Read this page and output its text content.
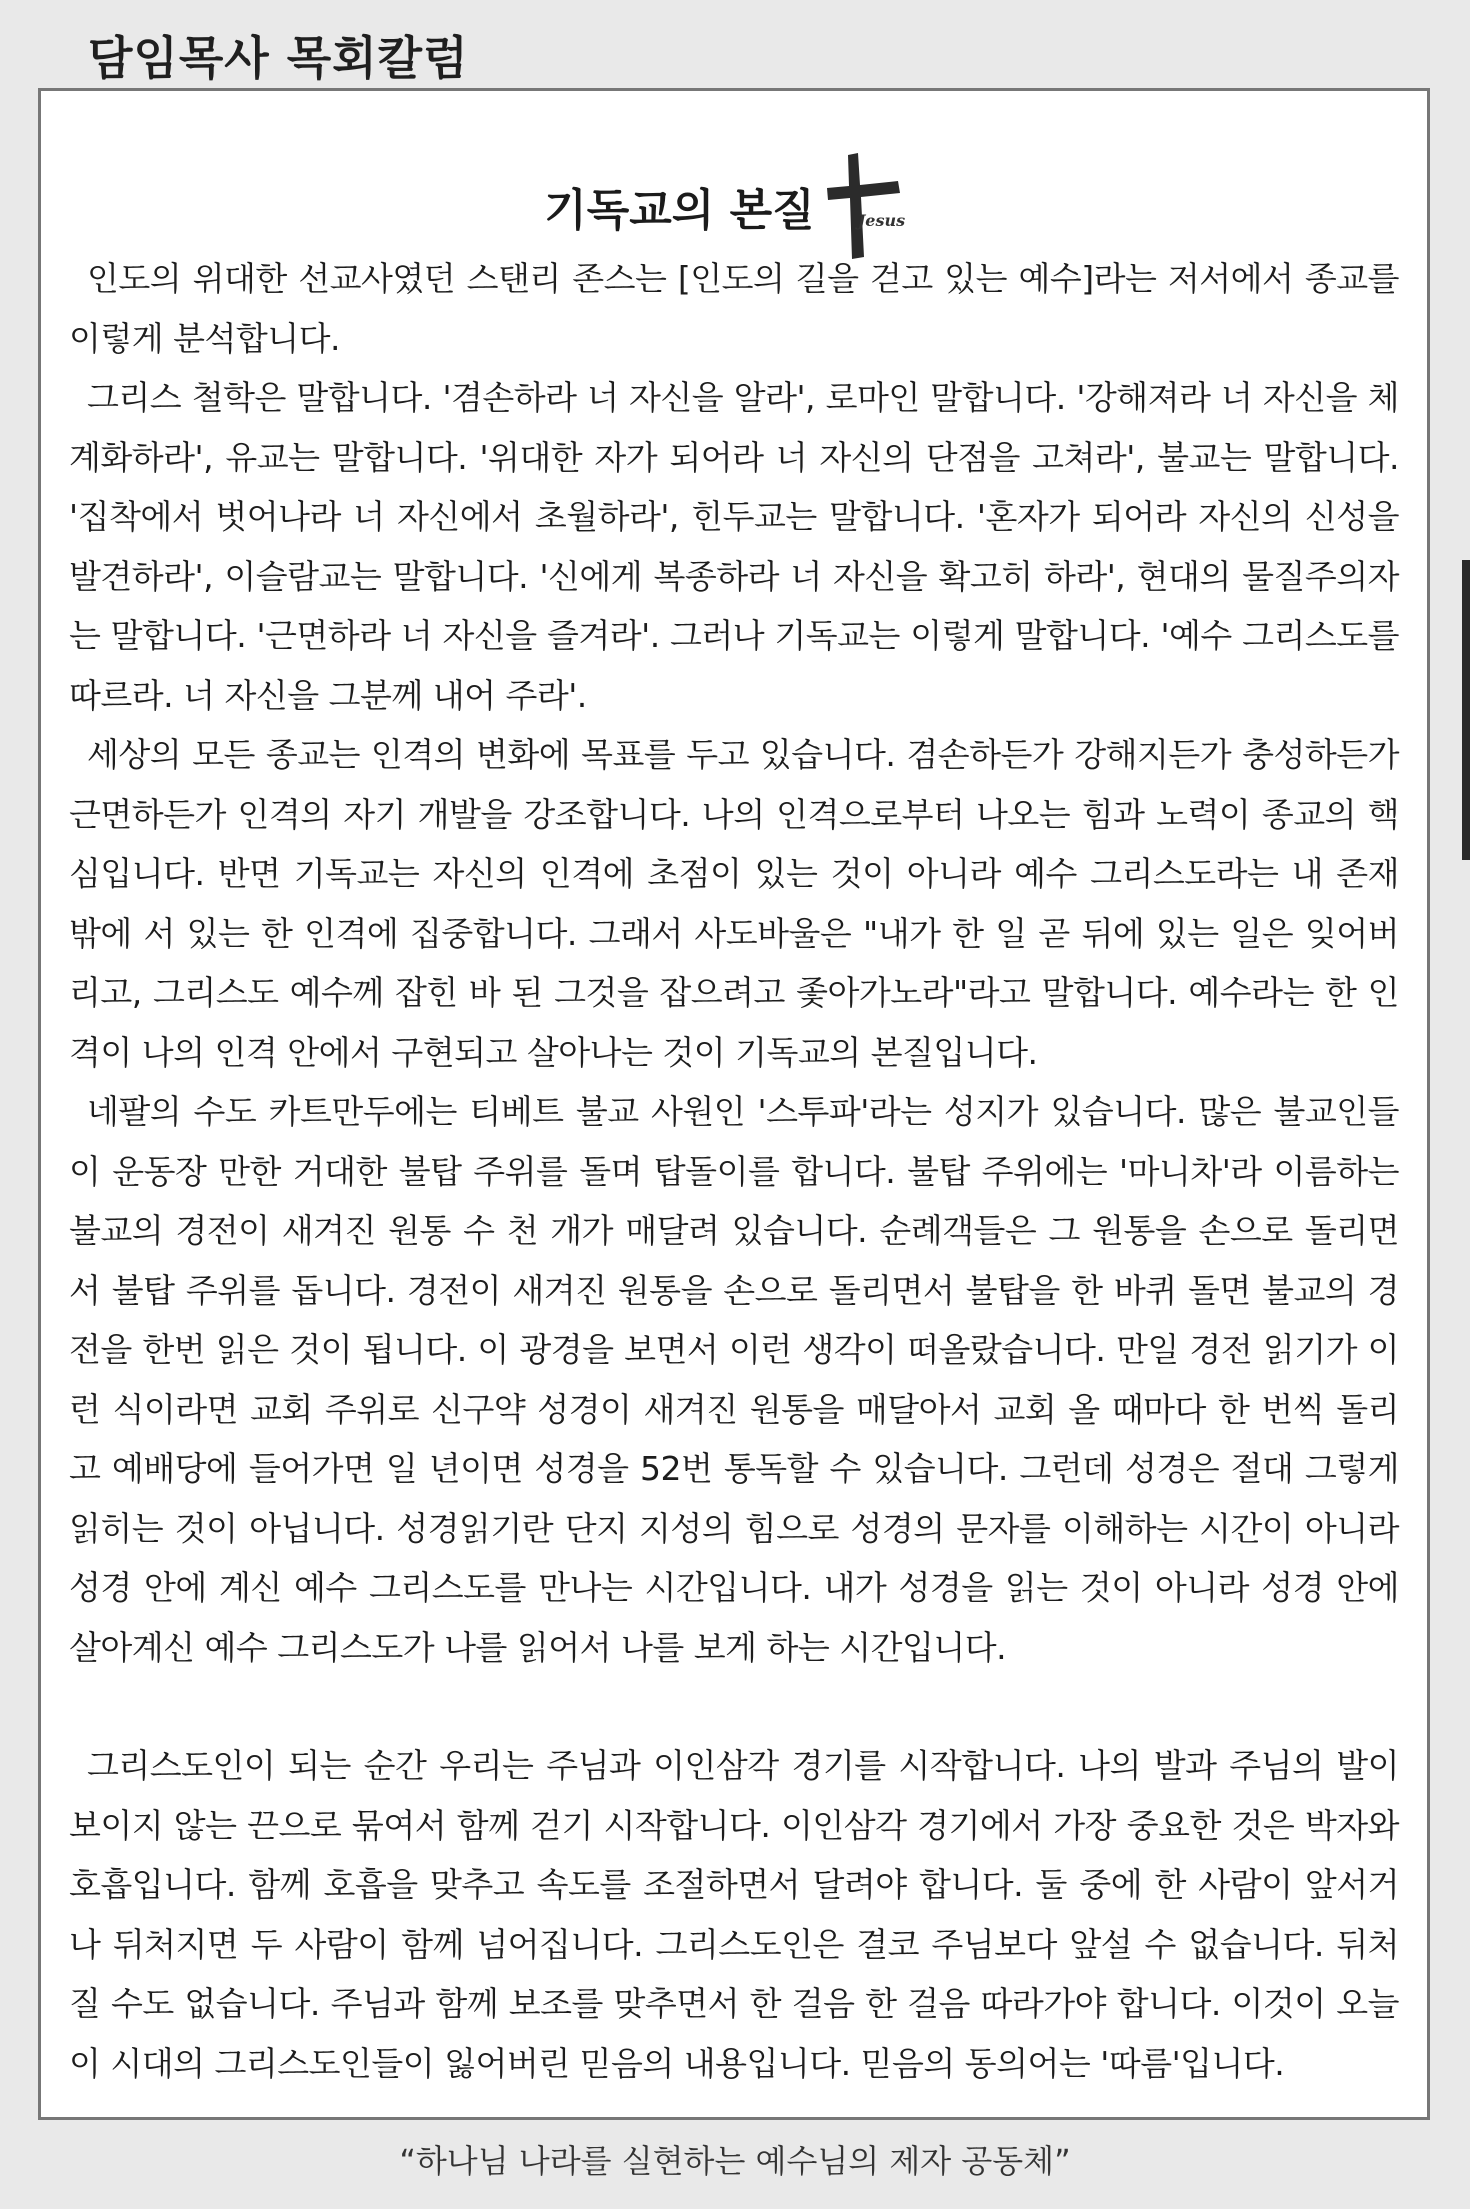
담임목사 목회칼럼
기독교의 본질	Jesus

인도의 위대한 선교사였던 스탠리 존스는 [인도의 길을 걷고 있는 예수]라는 저서에서 종교를 이렇게 분석합니다.

그리스 철학은 말합니다. '겸손하라 너 자신을 알라', 로마인 말합니다. '강해져라 너 자신을 체계화하라', 유교는 말합니다. '위대한 자가 되어라 너 자신의 단점을 고쳐라', 불교는 말합니다. '집착에서 벗어나라 너 자신에서 초월하라', 힌두교는 말합니다. '혼자가 되어라 자신의 신성을 발견하라', 이슬람교는 말합니다. '신에게 복종하라 너 자신을 확고히 하라', 현대의 물질주의자는 말합니다. '근면하라 너 자신을 즐겨라'. 그러나 기독교는 이렇게 말합니다. '예수 그리스도를 따르라. 너 자신을 그분께 내어 주라'.

세상의 모든 종교는 인격의 변화에 목표를 두고 있습니다. 겸손하든가 강해지든가 충성하든가 근면하든가 인격의 자기 개발을 강조합니다. 나의 인격으로부터 나오는 힘과 노력이 종교의 핵심입니다. 반면 기독교는 자신의 인격에 초점이 있는 것이 아니라 예수 그리스도라는 내 존재 밖에 서 있는 한 인격에 집중합니다. 그래서 사도바울은 "내가 한 일 곧 뒤에 있는 일은 잊어버리고, 그리스도 예수께 잡힌 바 된 그것을 잡으려고 좇아가노라"라고 말합니다. 예수라는 한 인격이 나의 인격 안에서 구현되고 살아나는 것이 기독교의 본질입니다.

네팔의 수도 카트만두에는 티베트 불교 사원인 '스투파'라는 성지가 있습니다. 많은 불교인들이 운동장 만한 거대한 불탑 주위를 돌며 탑돌이를 합니다. 불탑 주위에는 '마니차'라 이름하는 불교의 경전이 새겨진 원통 수 천 개가 매달려 있습니다. 순례객들은 그 원통을 손으로 돌리면서 불탑 주위를 돕니다. 경전이 새겨진 원통을 손으로 돌리면서 불탑을 한 바퀴 돌면 불교의 경전을 한번 읽은 것이 됩니다. 이 광경을 보면서 이런 생각이 떠올랐습니다. 만일 경전 읽기가 이런 식이라면 교회 주위로 신구약 성경이 새겨진 원통을 매달아서 교회 올 때마다 한 번씩 돌리고 예배당에 들어가면 일 년이면 성경을 52번 통독할 수 있습니다. 그런데 성경은 절대 그렇게 읽히는 것이 아닙니다. 성경읽기란 단지 지성의 힘으로 성경의 문자를 이해하는 시간이 아니라 성경 안에 계신 예수 그리스도를 만나는 시간입니다. 내가 성경을 읽는 것이 아니라 성경 안에 살아계신 예수 그리스도가 나를 읽어서 나를 보게 하는 시간입니다.

그리스도인이 되는 순간 우리는 주님과 이인삼각 경기를 시작합니다. 나의 발과 주님의 발이 보이지 않는 끈으로 묶여서 함께 걷기 시작합니다. 이인삼각 경기에서 가장 중요한 것은 박자와 호흡입니다. 함께 호흡을 맞추고 속도를 조절하면서 달려야 합니다. 둘 중에 한 사람이 앞서거나 뒤처지면 두 사람이 함께 넘어집니다. 그리스도인은 결코 주님보다 앞설 수 없습니다. 뒤처질 수도 없습니다. 주님과 함께 보조를 맞추면서 한 걸음 한 걸음 따라가야 합니다. 이것이 오늘 이 시대의 그리스도인들이 잃어버린 믿음의 내용입니다. 믿음의 동의어는 '따름'입니다.

“하나님 나라를 실현하는 예수님의 제자 공동체”
